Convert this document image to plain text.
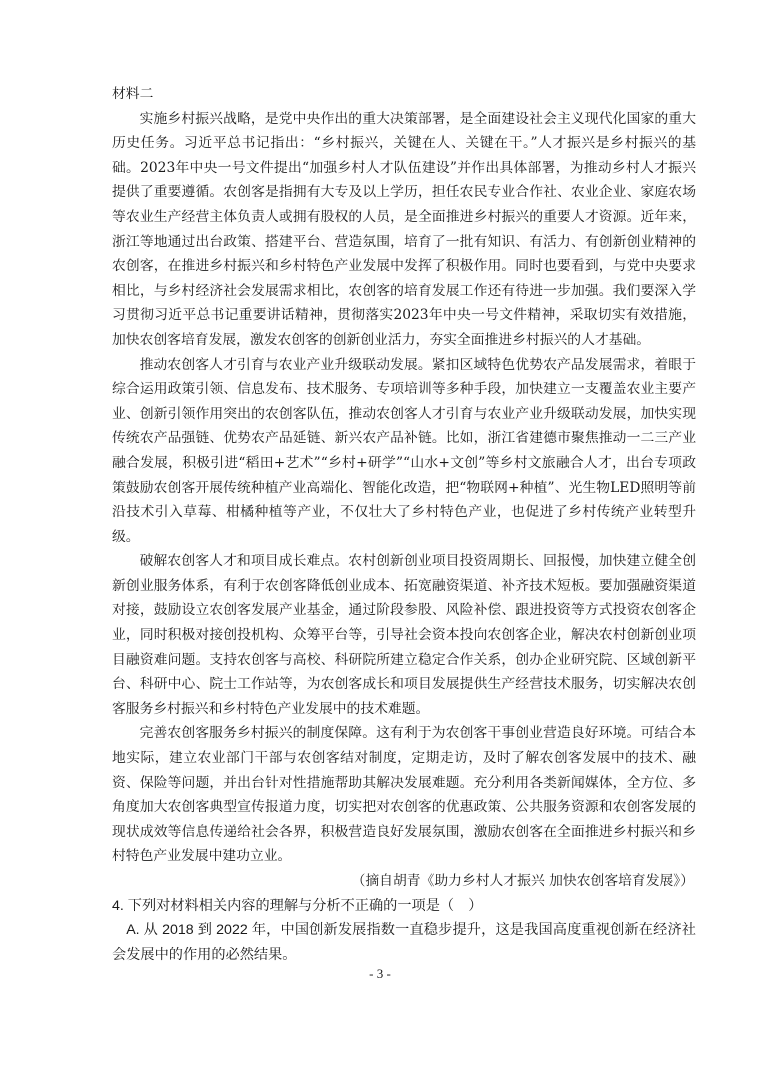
材料二

实施乡村振兴战略，是党中央作出的重大决策部署，是全面建设社会主义现代化国家的重大历史任务。习近平总书记指出：“乡村振兴，关键在人、关键在干。”人才振兴是乡村振兴的基础。2023年中央一号文件提出“加强乡村人才队伍建设”并作出具体部署，为推动乡村人才振兴提供了重要遵循。农创客是指拥有大专及以上学历，担任农民专业合作社、农业企业、家庭农场等农业生产经营主体负责人或拥有股权的人员，是全面推进乡村振兴的重要人才资源。近年来，浙江等地通过出台政策、搭建平台、营造氛围，培育了一批有知识、有活力、有创新创业精神的农创客，在推进乡村振兴和乡村特色产业发展中发挥了积极作用。同时也要看到，与党中央要求相比，与乡村经济社会发展需求相比，农创客的培育发展工作还有待进一步加强。我们要深入学习贯彻习近平总书记重要讲话精神，贯彻落实2023年中央一号文件精神，采取切实有效措施，加快农创客培育发展，激发农创客的创新创业活力，夯实全面推进乡村振兴的人才基础。

推动农创客人才引育与农业产业升级联动发展。紧扣区域特色优势农产品发展需求，着眼于综合运用政策引领、信息发布、技术服务、专项培训等多种手段，加快建立一支覆盖农业主要产业、创新引领作用突出的农创客队伍，推动农创客人才引育与农业产业升级联动发展，加快实现传统农产品强链、优势农产品延链、新兴农产品补链。比如，浙江省建德市聚焦推动一二三产业融合发展，积极引进“稻田+艺术”“乡村+研学”“山水+文创”等乡村文旅融合人才，出台专项政策鼓励农创客开展传统种植产业高端化、智能化改造，把“物联网+种植”、光生物LED照明等前沿技术引入草莓、柑橘种植等产业，不仅壮大了乡村特色产业，也促进了乡村传统产业转型升级。

破解农创客人才和项目成长难点。农村创新创业项目投资周期长、回报慢，加快建立健全创新创业服务体系，有利于农创客降低创业成本、拓宽融资渠道、补齐技术短板。要加强融资渠道对接，鼓励设立农创客发展产业基金，通过阶段参股、风险补偿、跟进投资等方式投资农创客企业，同时积极对接创投机构、众筹平台等，引导社会资本投向农创客企业，解决农村创新创业项目融资难问题。支持农创客与高校、科研院所建立稳定合作关系，创办企业研究院、区域创新平台、科研中心、院士工作站等，为农创客成长和项目发展提供生产经营技术服务，切实解决农创客服务乡村振兴和乡村特色产业发展中的技术难题。

完善农创客服务乡村振兴的制度保障。这有利于为农创客干事创业营造良好环境。可结合本地实际，建立农业部门干部与农创客结对制度，定期走访，及时了解农创客发展中的技术、融资、保险等问题，并出台针对性措施帮助其解决发展难题。充分利用各类新闻媒体，全方位、多角度加大农创客典型宣传报道力度，切实把对农创客的优惠政策、公共服务资源和农创客发展的现状成效等信息传递给社会各界，积极营造良好发展氛围，激励农创客在全面推进乡村振兴和乡村特色产业发展中建功立业。

（摘自胡青《助力乡村人才振兴 加快农创客培育发展》）

4. 下列对材料相关内容的理解与分析不正确的一项是（　）

A. 从 2018 到 2022 年，中国创新发展指数一直稳步提升，这是我国高度重视创新在经济社会发展中的作用的必然结果。

- 3 -
